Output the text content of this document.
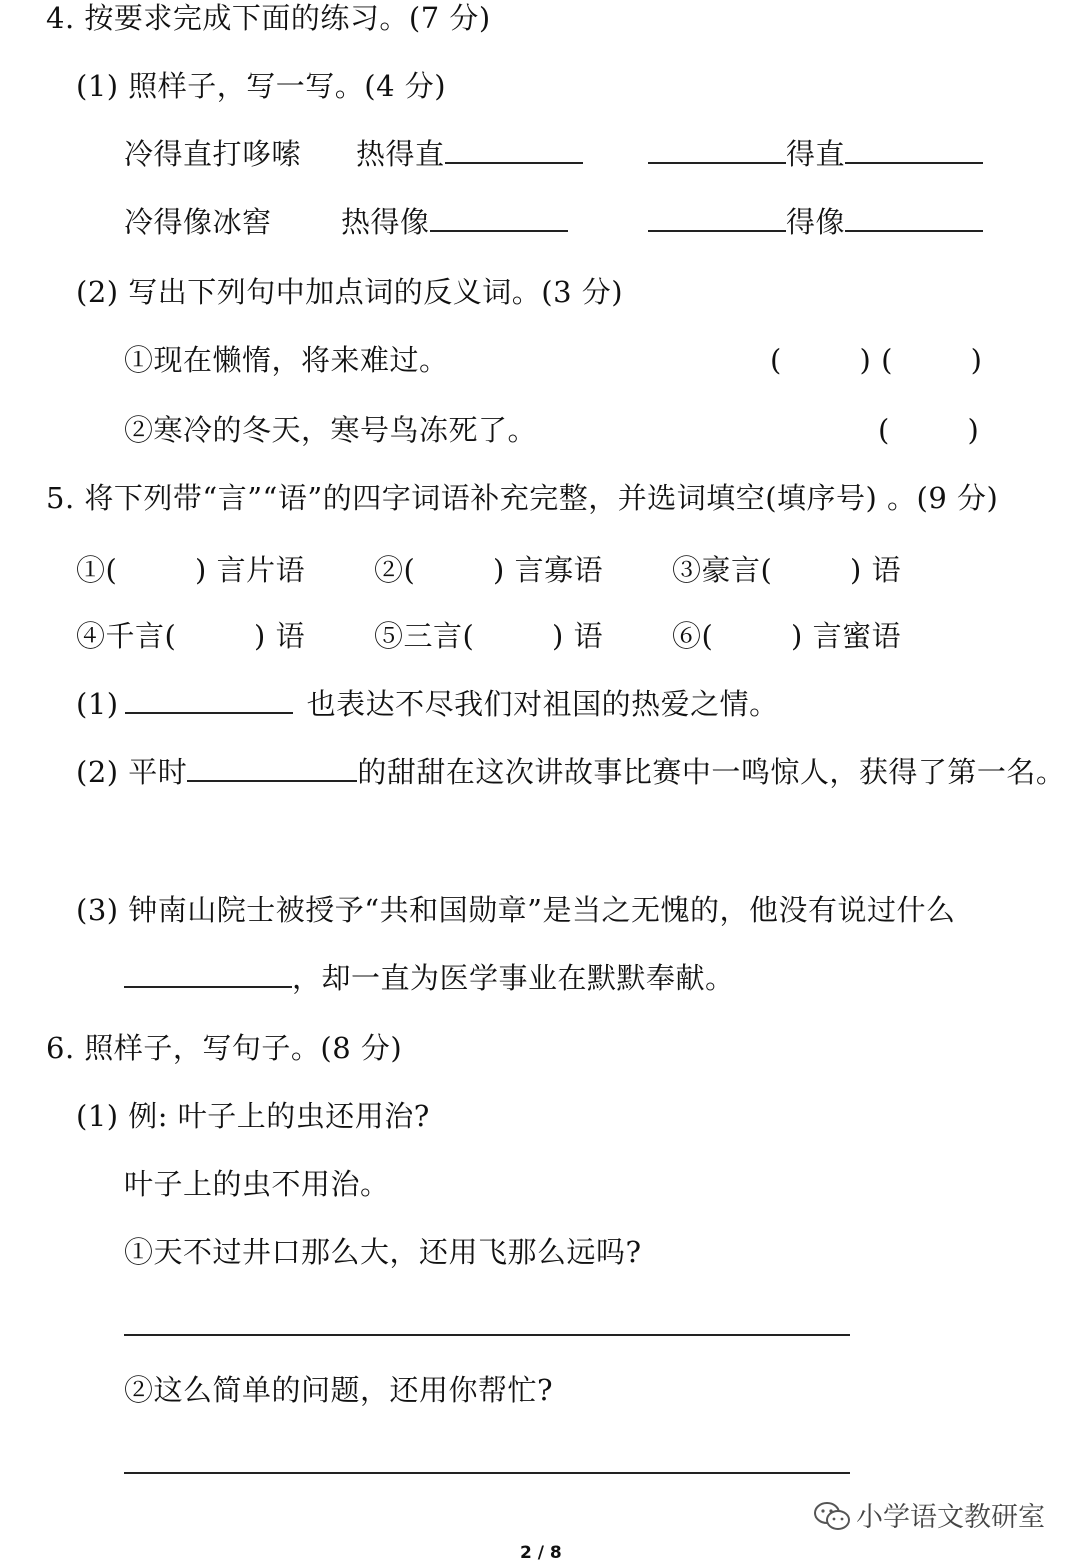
4. 按要求完成下面的练习。(7 分)
(1) 照样子，写一写。(4 分)
冷得直打哆嗦 热得直	得直
冷得像冰窖 热得像	得像
(2) 写出下列句中加点词的反义词。(3 分)
①现在懒惰，将来难过。	(        ) (        )
②寒冷的冬天，寒号鸟冻死了。	(        )
5. 将下列带“言”“语”的四字词语补充完整，并选词填空(填序号) 。(9 分)
①(        ) 言片语 ②(        ) 言寡语 ③豪言(        ) 语
④千言(        ) 语 ⑤三言(        ) 语 ⑥(        ) 言蜜语
(1)	也表达不尽我们对祖国的热爱之情。
(2) 平时	的甜甜在这次讲故事比赛中一鸣惊人，获得了第一名。
(3) 钟南山院士被授予“共和国勋章”是当之无愧的，他没有说过什么
，却一直为医学事业在默默奉献。
6. 照样子，写句子。(8 分)
(1) 例: 叶子上的虫还用治?
叶子上的虫不用治。
①天不过井口那么大，还用飞那么远吗?
②这么简单的问题，还用你帮忙?
小学语文教研室
2 / 8
